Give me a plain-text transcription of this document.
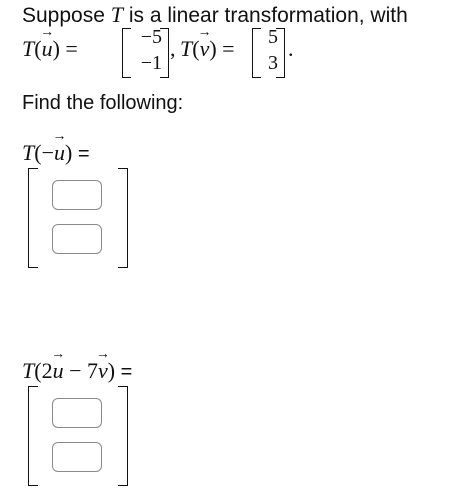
Suppose T is a linear transformation, with
T(u
→
) =	−5
−1
, T(v
→
) =	5
3
.
Find the following:
T(−u
→
) =
T(2u
→
− 7v
→
) =
